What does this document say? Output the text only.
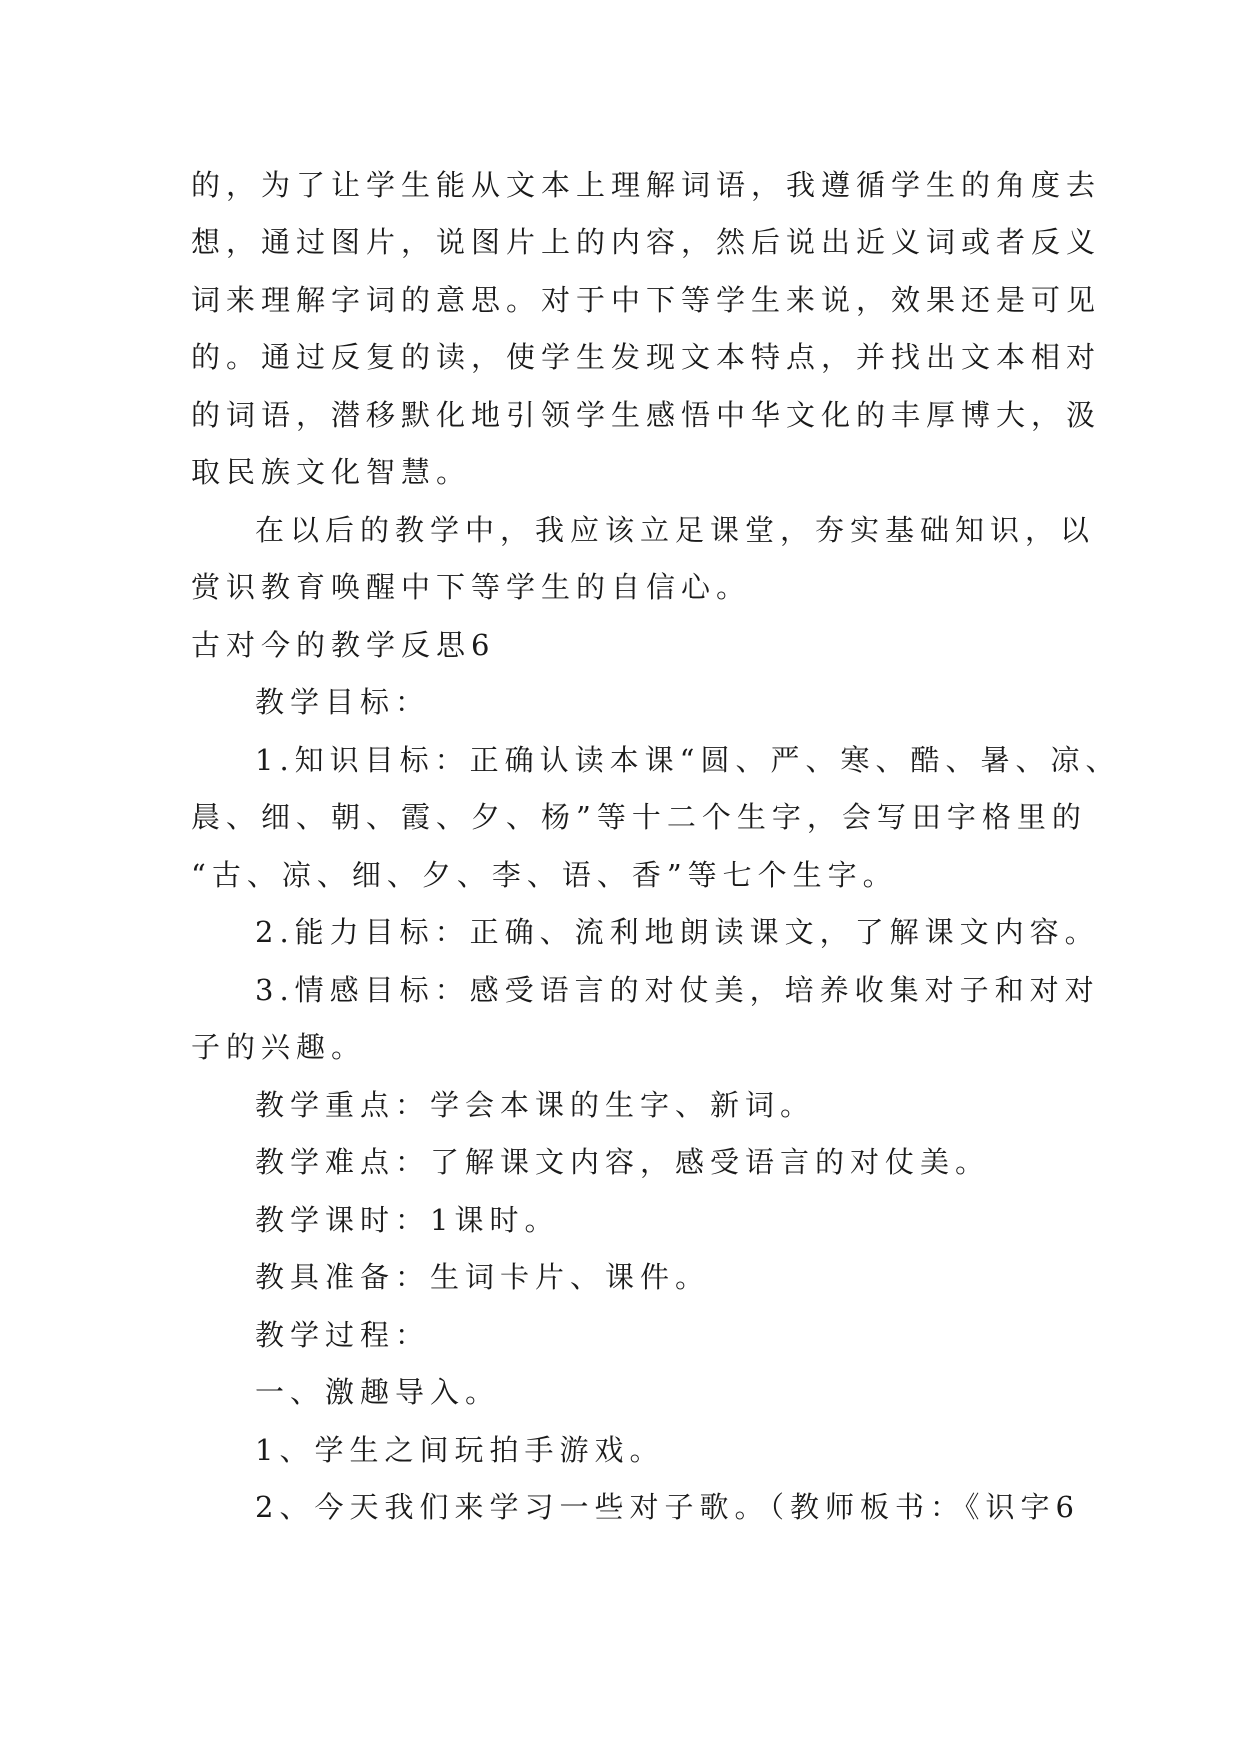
的，为了让学生能从文本上理解词语，我遵循学生的角度去
想，通过图片，说图片上的内容，然后说出近义词或者反义
词来理解字词的意思。对于中下等学生来说，效果还是可见
的。通过反复的读，使学生发现文本特点，并找出文本相对
的词语，潜移默化地引领学生感悟中华文化的丰厚博大，汲
取民族文化智慧。
在以后的教学中，我应该立足课堂，夯实基础知识，以
赏识教育唤醒中下等学生的自信心。
古对今的教学反思6
教学目标：
1.知识目标：正确认读本课“圆、严、寒、酷、暑、凉、
晨、细、朝、霞、夕、杨”等十二个生字，会写田字格里的
“古、凉、细、夕、李、语、香”等七个生字。
2.能力目标：正确、流利地朗读课文，了解课文内容。
3.情感目标：感受语言的对仗美，培养收集对子和对对
子的兴趣。
教学重点：学会本课的生字、新词。
教学难点：了解课文内容，感受语言的对仗美。
教学课时：1课时。
教具准备：生词卡片、课件。
教学过程：
一、激趣导入。
1、学生之间玩拍手游戏。
2、今天我们来学习一些对子歌。（教师板书：《识字6
